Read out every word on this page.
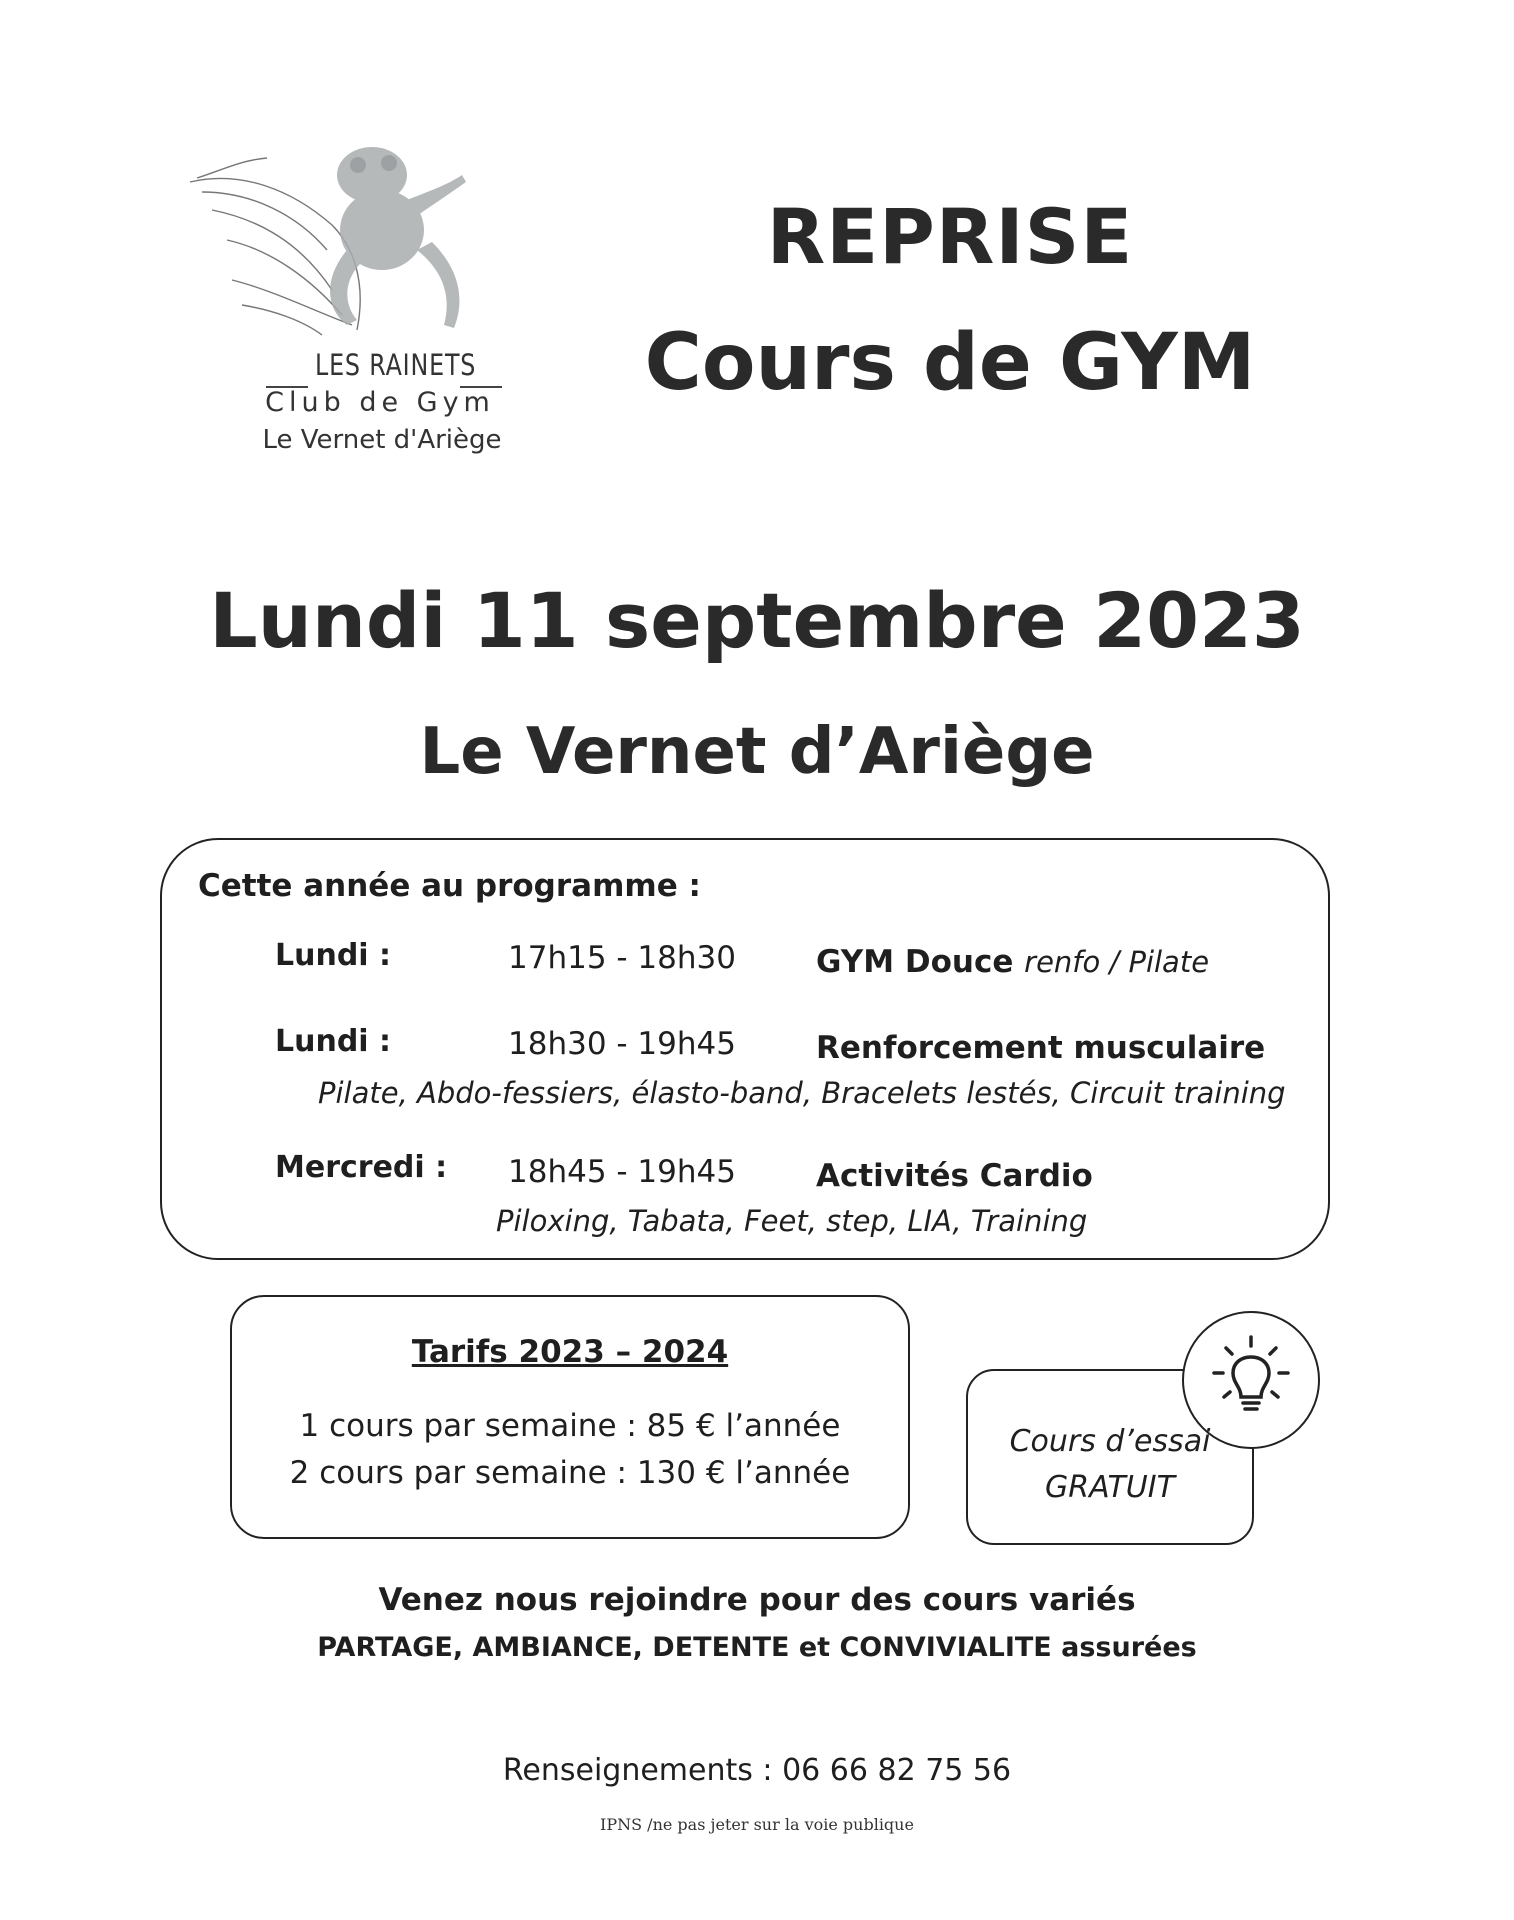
LES RAINETS
Club de Gym
Le Vernet d'Ariège
REPRISE
Cours de GYM
Lundi 11 septembre 2023
Le Vernet d’Ariège
Cette année au programme :
Lundi :	17h15 - 18h30	GYM Douce renfo / Pilate
Lundi :	18h30 - 19h45	Renforcement musculaire
Pilate, Abdo-fessiers, élasto-band, Bracelets lestés, Circuit training
Mercredi : 18h45 - 19h45	Activités Cardio
Piloxing, Tabata, Feet, step, LIA, Training
Tarifs 2023 – 2024
1 cours par semaine : 85 € l’année
2 cours par semaine : 130 € l’année
Cours d’essai
GRATUIT
Venez nous rejoindre pour des cours variés
PARTAGE, AMBIANCE, DETENTE et CONVIVIALITE assurées
Renseignements : 06 66 82 75 56
IPNS /ne pas jeter sur la voie publique
